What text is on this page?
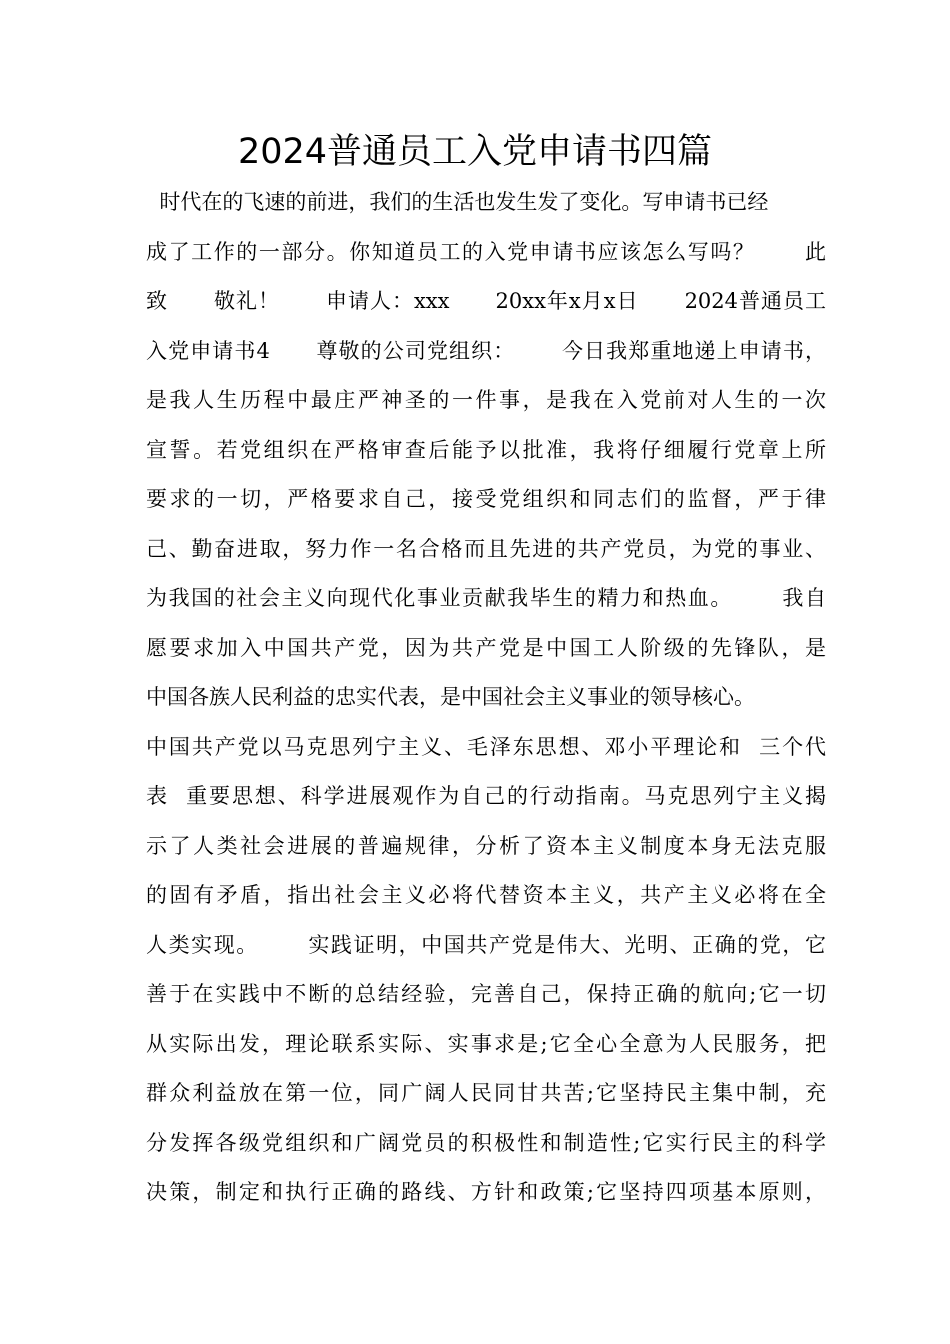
2024普通员工入党申请书四篇
时代在的飞速的前进，我们的生活也发生发了变化。写申请书已经
成了工作的一部分。你知道员工的入党申请书应该怎么写吗？      此
致      敬礼！      申请人：xxx      20xx年x月x日      2024普通员工
入党申请书4      尊敬的公司党组织：      今日我郑重地递上申请书，
是我人生历程中最庄严神圣的一件事，是我在入党前对人生的一次
宣誓。若党组织在严格审查后能予以批准，我将仔细履行党章上所
要求的一切，严格要求自己，接受党组织和同志们的监督，严于律
己、勤奋进取，努力作一名合格而且先进的共产党员，为党的事业、
为我国的社会主义向现代化事业贡献我毕生的精力和热血。      我自
愿要求加入中国共产党，因为共产党是中国工人阶级的先锋队，是
中国各族人民利益的忠实代表，是中国社会主义事业的领导核心。
中国共产党以马克思列宁主义、毛泽东思想、邓小平理论和  三个代
表  重要思想、科学进展观作为自己的行动指南。马克思列宁主义揭
示了人类社会进展的普遍规律，分析了资本主义制度本身无法克服
的固有矛盾，指出社会主义必将代替资本主义，共产主义必将在全
人类实现。      实践证明，中国共产党是伟大、光明、正确的党，它
善于在实践中不断的总结经验，完善自己，保持正确的航向;它一切
从实际出发，理论联系实际、实事求是;它全心全意为人民服务，把
群众利益放在第一位，同广阔人民同甘共苦;它坚持民主集中制，充
分发挥各级党组织和广阔党员的积极性和制造性;它实行民主的科学
决策，制定和执行正确的路线、方针和政策;它坚持四项基本原则，
